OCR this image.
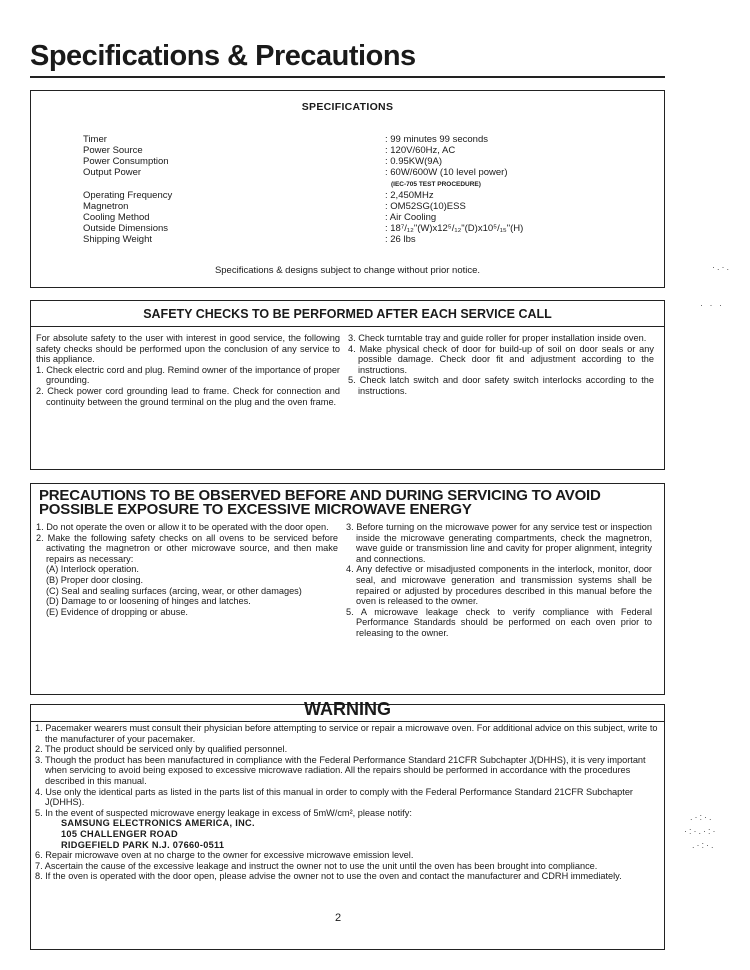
Specifications & Precautions
SPECIFICATIONS
Timer	: 99 minutes 99 seconds
Power Source	: 120V/60Hz, AC
Power Consumption	: 0.95KW(9A)
Output Power	: 60W/600W (10 level power)
(IEC-705 TEST PROCEDURE)
Operating Frequency	: 2,450MHz
Magnetron	: OM52SG(10)ESS
Cooling Method	: Air Cooling
Outside Dimensions	: 18⁷/₁₂"(W)x12⁵/₁₂"(D)x10⁵/₁₅"(H)
Shipping Weight	: 26 lbs
Specifications & designs subject to change without prior notice.
SAFETY CHECKS TO BE PERFORMED AFTER EACH SERVICE CALL

For absolute safety to the user with interest in good service, the following safety checks should be performed upon the conclusion of any service to this appliance.

1. Check electric cord and plug. Remind owner of the importance of proper grounding.

2. Check power cord grounding lead to frame. Check for connection and continuity between the ground terminal on the plug and the oven frame.

3. Check turntable tray and guide roller for proper installation inside oven.

4. Make physical check of door for build-up of soil on door seals or any possible damage. Check door fit and adjustment according to the instructions.

5. Check latch switch and door safety switch interlocks according to the instructions.

PRECAUTIONS TO BE OBSERVED BEFORE AND DURING SERVICING TO AVOID POSSIBLE EXPOSURE TO EXCESSIVE MICROWAVE ENERGY

1. Do not operate the oven or allow it to be operated with the door open.

2. Make the following safety checks on all ovens to be serviced before activating the magnetron or other microwave source, and then make repairs as necessary:

(A) Interlock operation.

(B) Proper door closing.

(C) Seal and sealing surfaces (arcing, wear, or other damages)

(D) Damage to or loosening of hinges and latches.

(E) Evidence of dropping or abuse.

3. Before turning on the microwave power for any service test or inspection inside the microwave generating compartments, check the magnetron, wave guide or transmission line and cavity for proper alignment, integrity and connections.

4. Any defective or misadjusted components in the interlock, monitor, door seal, and microwave generation and transmission systems shall be repaired or adjusted by procedures described in this manual before the oven is released to the owner.

5. A microwave leakage check to verify compliance with Federal Performance Standards should be performed on each oven prior to releasing to the owner.

WARNING

1. Pacemaker wearers must consult their physician before attempting to service or repair a microwave oven. For additional advice on this subject, write to the manufacturer of your pacemaker.

2. The product should be serviced only by qualified personnel.

3. Though the product has been manufactured in compliance with the Federal Performance Standard 21CFR Subchapter J(DHHS), it is very important when servicing to avoid being exposed to excessive microwave radiation. All the repairs should be performed in accordance with the procedures described in this manual.

4. Use only the identical parts as listed in the parts list of this manual in order to comply with the Federal Performance Standard 21CFR Subchapter J(DHHS).

5. In the event of suspected microwave energy leakage in excess of 5mW/cm², please notify:

SAMSUNG ELECTRONICS AMERICA, INC.

105 CHALLENGER ROAD

RIDGEFIELD PARK N.J. 07660-0511

6. Repair microwave oven at no charge to the owner for excessive microwave emission level.

7. Ascertain the cause of the excessive leakage and instruct the owner not to use the unit until the oven has been brought into compliance.

8. If the oven is operated with the door open, please advise the owner not to use the oven and contact the manufacturer and CDRH immediately.

2
·.·.
· · ·
.·:·.
·:·.·:·
.·:·.
